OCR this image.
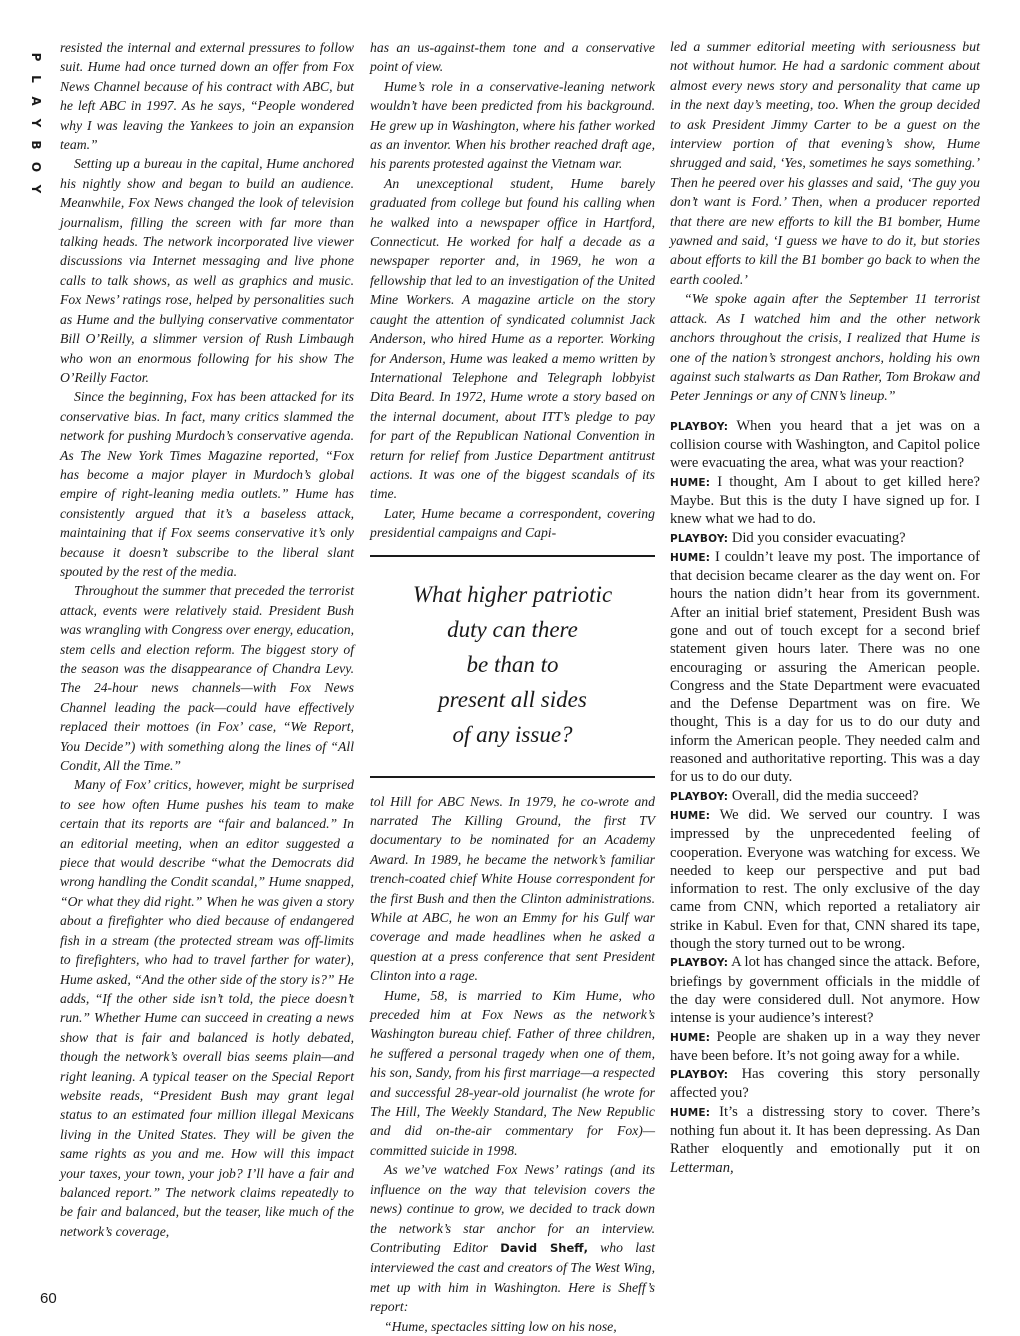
P
L
A
Y
B
O
Y
60

resisted the internal and external pressures to follow suit. Hume had once turned down an offer from Fox News Channel because of his contract with ABC, but he left ABC in 1997. As he says, “People wondered why I was leaving the Yankees to join an expansion team.”

Setting up a bureau in the capital, Hume anchored his nightly show and began to build an audience. Meanwhile, Fox News changed the look of television journalism, filling the screen with far more than talking heads. The network incorporated live viewer discussions via Internet messaging and live phone calls to talk shows, as well as graphics and music. Fox News’ ratings rose, helped by personalities such as Hume and the bullying conservative commentator Bill O’Reilly, a slimmer version of Rush Limbaugh who won an enormous following for his show The O’Reilly Factor.

Since the beginning, Fox has been attacked for its conservative bias. In fact, many critics slammed the network for pushing Murdoch’s conservative agenda. As The New York Times Magazine reported, “Fox has become a major player in Murdoch’s global empire of right-leaning media outlets.” Hume has consistently argued that it’s a baseless attack, maintaining that if Fox seems conservative it’s only because it doesn’t subscribe to the liberal slant spouted by the rest of the media.

Throughout the summer that preceded the terrorist attack, events were relatively staid. President Bush was wrangling with Congress over energy, education, stem cells and election reform. The biggest story of the season was the disappearance of Chandra Levy. The 24-hour news channels—with Fox News Channel leading the pack—could have effectively replaced their mottoes (in Fox’ case, “We Report, You Decide”) with something along the lines of “All Condit, All the Time.”

Many of Fox’ critics, however, might be surprised to see how often Hume pushes his team to make certain that its reports are “fair and balanced.” In an editorial meeting, when an editor suggested a piece that would describe “what the Democrats did wrong handling the Condit scandal,” Hume snapped, “Or what they did right.” When he was given a story about a firefighter who died because of endangered fish in a stream (the protected stream was off-limits to firefighters, who had to travel farther for water), Hume asked, “And the other side of the story is?” He adds, “If the other side isn’t told, the piece doesn’t run.” Whether Hume can succeed in creating a news show that is fair and balanced is hotly debated, though the network’s overall bias seems plain—and right leaning. A typical teaser on the Special Report website reads, “President Bush may grant legal status to an estimated four million illegal Mexicans living in the United States. They will be given the same rights as you and me. How will this impact your taxes, your town, your job? I’ll have a fair and balanced report.” The network claims repeatedly to be fair and balanced, but the teaser, like much of the network’s coverage,

has an us-against-them tone and a conservative point of view.

Hume’s role in a conservative-leaning network wouldn’t have been predicted from his background. He grew up in Washington, where his father worked as an inventor. When his brother reached draft age, his parents protested against the Vietnam war.

An unexceptional student, Hume barely graduated from college but found his calling when he walked into a newspaper office in Hartford, Connecticut. He worked for half a decade as a newspaper reporter and, in 1969, he won a fellowship that led to an investigation of the United Mine Workers. A magazine article on the story caught the attention of syndicated columnist Jack Anderson, who hired Hume as a reporter. Working for Anderson, Hume was leaked a memo written by International Telephone and Telegraph lobbyist Dita Beard. In 1972, Hume wrote a story based on the internal document, about ITT’s pledge to pay for part of the Republican National Convention in return for relief from Justice Department antitrust actions. It was one of the biggest scandals of its time.

Later, Hume became a correspondent, covering presidential campaigns and Capi-

What higher patriotic
duty can there
be than to
present all sides
of any issue?

tol Hill for ABC News. In 1979, he co-wrote and narrated The Killing Ground, the first TV documentary to be nominated for an Academy Award. In 1989, he became the network’s familiar trench-coated chief White House correspondent for the first Bush and then the Clinton administrations. While at ABC, he won an Emmy for his Gulf war coverage and made headlines when he asked a question at a press conference that sent President Clinton into a rage.

Hume, 58, is married to Kim Hume, who preceded him at Fox News as the network’s Washington bureau chief. Father of three children, he suffered a personal tragedy when one of them, his son, Sandy, from his first marriage—a respected and successful 28-year-old journalist (he wrote for The Hill, The Weekly Standard, The New Republic and did on-the-air commentary for Fox)—committed suicide in 1998.

As we’ve watched Fox News’ ratings (and its influence on the way that television covers the news) continue to grow, we decided to track down the network’s star anchor for an interview. Contributing Editor David Sheff, who last interviewed the cast and creators of The West Wing, met up with him in Washington. Here is Sheff’s report:

“Hume, spectacles sitting low on his nose,

led a summer editorial meeting with seriousness but not without humor. He had a sardonic comment about almost every news story and personality that came up in the next day’s meeting, too. When the group decided to ask President Jimmy Carter to be a guest on the interview portion of that evening’s show, Hume shrugged and said, ‘Yes, sometimes he says something.’ Then he peered over his glasses and said, ‘The guy you don’t want is Ford.’ Then, when a producer reported that there are new efforts to kill the B1 bomber, Hume yawned and said, ‘I guess we have to do it, but stories about efforts to kill the B1 bomber go back to when the earth cooled.’

“We spoke again after the September 11 terrorist attack. As I watched him and the other network anchors throughout the crisis, I realized that Hume is one of the nation’s strongest anchors, holding his own against such stalwarts as Dan Rather, Tom Brokaw and Peter Jennings or any of CNN’s lineup.”

PLAYBOY: When you heard that a jet was on a collision course with Washington, and Capitol police were evacuating the area, what was your reaction?

HUME: I thought, Am I about to get killed here? Maybe. But this is the duty I have signed up for. I knew what we had to do.

PLAYBOY: Did you consider evacuating?

HUME: I couldn’t leave my post. The importance of that decision became clearer as the day went on. For hours the nation didn’t hear from its government. After an initial brief statement, President Bush was gone and out of touch except for a second brief statement given hours later. There was no one encouraging or assuring the American people. Congress and the State Department were evacuated and the Defense Department was on fire. We thought, This is a day for us to do our duty and inform the American people. They needed calm and reasoned and authoritative reporting. This was a day for us to do our duty.

PLAYBOY: Overall, did the media succeed?

HUME: We did. We served our country. I was impressed by the unprecedented feeling of cooperation. Everyone was watching for excess. We needed to keep our perspective and put bad information to rest. The only exclusive of the day came from CNN, which reported a retaliatory air strike in Kabul. Even for that, CNN shared its tape, though the story turned out to be wrong.

PLAYBOY: A lot has changed since the attack. Before, briefings by government officials in the middle of the day were considered dull. Not anymore. How intense is your audience’s interest?

HUME: People are shaken up in a way they never have been before. It’s not going away for a while.

PLAYBOY: Has covering this story personally affected you?

HUME: It’s a distressing story to cover. There’s nothing fun about it. It has been depressing. As Dan Rather eloquently and emotionally put it on Letterman,
